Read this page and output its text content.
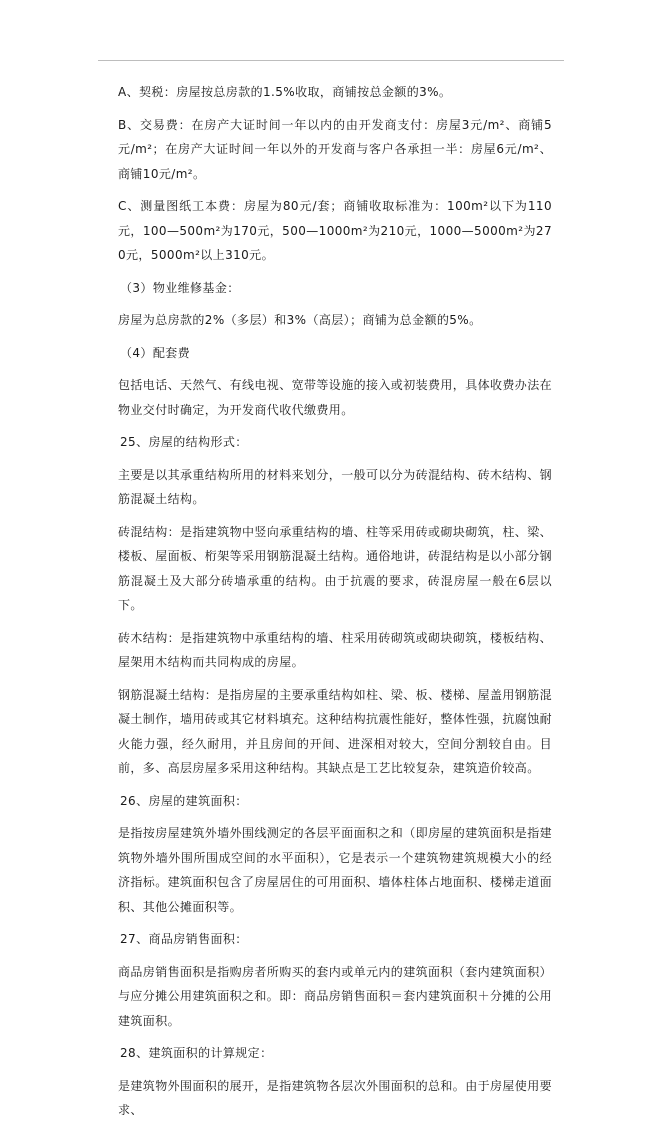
A、契税：房屋按总房款的1.5%收取，商铺按总金额的3%。

B、交易费：在房产大证时间一年以内的由开发商支付：房屋3元/m²、商铺5元/m²；在房产大证时间一年以外的开发商与客户各承担一半：房屋6元/m²、商铺10元/m²。

C、测量图纸工本费：房屋为80元/套；商铺收取标准为：100m²以下为110元，100—500m²为170元，500—1000m²为210元，1000—5000m²为270元，5000m²以上310元。

（3）物业维修基金：

房屋为总房款的2%（多层）和3%（高层）；商铺为总金额的5%。

（4）配套费

包括电话、天然气、有线电视、宽带等设施的接入或初装费用，具体收费办法在物业交付时确定，为开发商代收代缴费用。

25、房屋的结构形式：

主要是以其承重结构所用的材料来划分，一般可以分为砖混结构、砖木结构、钢筋混凝土结构。

砖混结构：是指建筑物中竖向承重结构的墙、柱等采用砖或砌块砌筑，柱、梁、楼板、屋面板、桁架等采用钢筋混凝土结构。通俗地讲，砖混结构是以小部分钢筋混凝土及大部分砖墙承重的结构。由于抗震的要求，砖混房屋一般在6层以下。

砖木结构：是指建筑物中承重结构的墙、柱采用砖砌筑或砌块砌筑，楼板结构、屋架用木结构而共同构成的房屋。

钢筋混凝土结构：是指房屋的主要承重结构如柱、梁、板、楼梯、屋盖用钢筋混凝土制作，墙用砖或其它材料填充。这种结构抗震性能好，整体性强，抗腐蚀耐火能力强，经久耐用，并且房间的开间、进深相对较大，空间分割较自由。目前，多、高层房屋多采用这种结构。其缺点是工艺比较复杂，建筑造价较高。

26、房屋的建筑面积：

是指按房屋建筑外墙外围线测定的各层平面面积之和（即房屋的建筑面积是指建筑物外墙外围所围成空间的水平面积），它是表示一个建筑物建筑规模大小的经济指标。建筑面积包含了房屋居住的可用面积、墙体柱体占地面积、楼梯走道面积、其他公摊面积等。

27、商品房销售面积：

商品房销售面积是指购房者所购买的套内或单元内的建筑面积（套内建筑面积）与应分摊公用建筑面积之和。即：商品房销售面积＝套内建筑面积＋分摊的公用建筑面积。

28、建筑面积的计算规定：

是建筑物外围面积的展开，是指建筑物各层次外围面积的总和。由于房屋使用要求、
